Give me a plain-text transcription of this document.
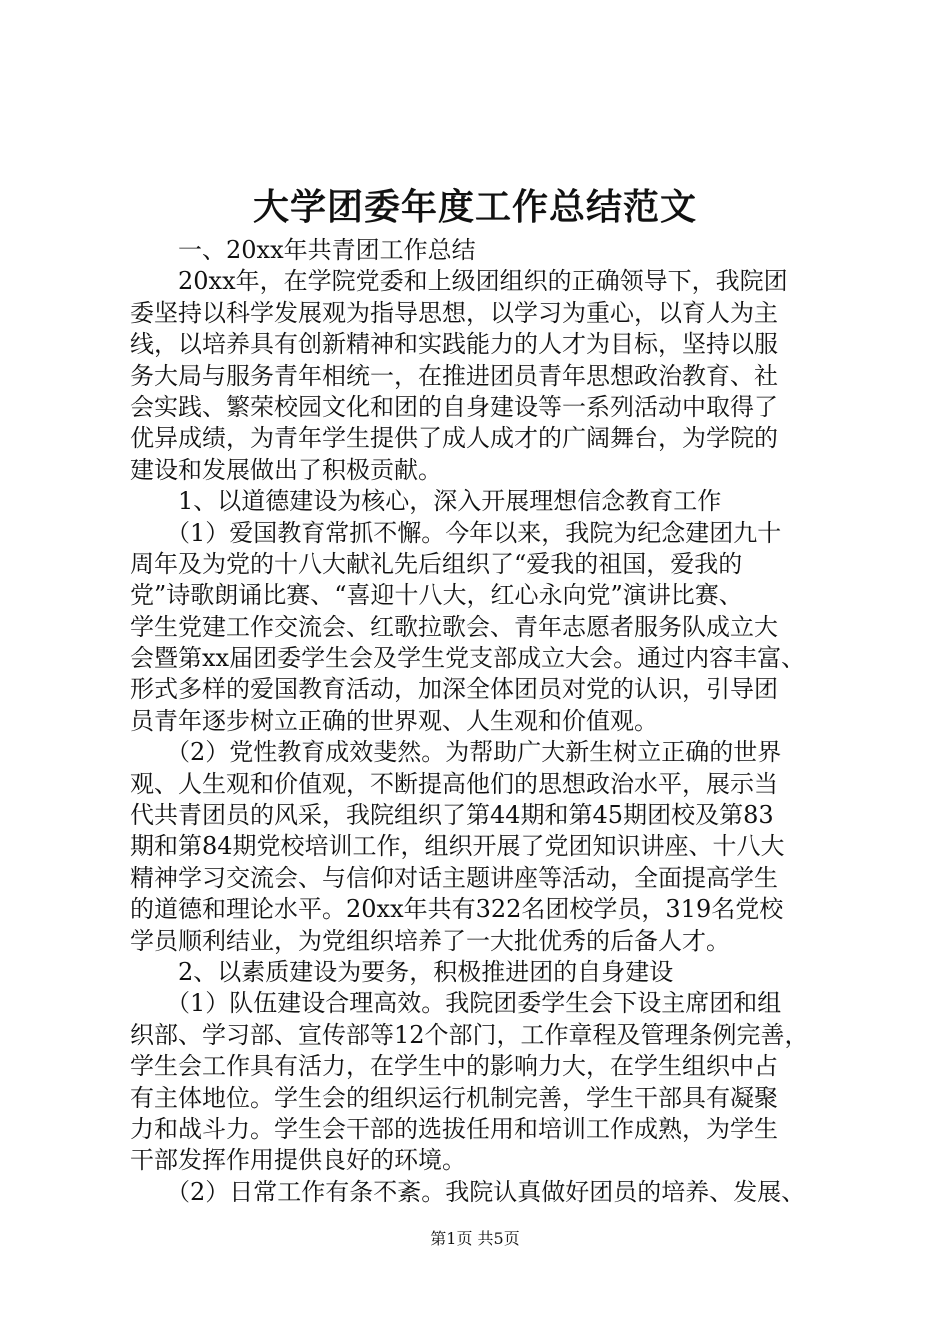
大学团委年度工作总结范文
　　一、20xx年共青团工作总结
　　20xx年，在学院党委和上级团组织的正确领导下，我院团
委坚持以科学发展观为指导思想，以学习为重心，以育人为主
线，以培养具有创新精神和实践能力的人才为目标，坚持以服
务大局与服务青年相统一，在推进团员青年思想政治教育、社
会实践、繁荣校园文化和团的自身建设等一系列活动中取得了
优异成绩，为青年学生提供了成人成才的广阔舞台，为学院的
建设和发展做出了积极贡献。
　　1、以道德建设为核心，深入开展理想信念教育工作
　　（1）爱国教育常抓不懈。今年以来，我院为纪念建团九十
周年及为党的十八大献礼先后组织了“爱我的祖国，爱我的
党”诗歌朗诵比赛、“喜迎十八大，红心永向党”演讲比赛、
学生党建工作交流会、红歌拉歌会、青年志愿者服务队成立大
会暨第xx届团委学生会及学生党支部成立大会。通过内容丰富、
形式多样的爱国教育活动，加深全体团员对党的认识，引导团
员青年逐步树立正确的世界观、人生观和价值观。
　　（2）党性教育成效斐然。为帮助广大新生树立正确的世界
观、人生观和价值观，不断提高他们的思想政治水平，展示当
代共青团员的风采，我院组织了第44期和第45期团校及第83
期和第84期党校培训工作，组织开展了党团知识讲座、十八大
精神学习交流会、与信仰对话主题讲座等活动，全面提高学生
的道德和理论水平。20xx年共有322名团校学员，319名党校
学员顺利结业，为党组织培养了一大批优秀的后备人才。
　　2、以素质建设为要务，积极推进团的自身建设
　　（1）队伍建设合理高效。我院团委学生会下设主席团和组
织部、学习部、宣传部等12个部门，工作章程及管理条例完善，
学生会工作具有活力，在学生中的影响力大，在学生组织中占
有主体地位。学生会的组织运行机制完善，学生干部具有凝聚
力和战斗力。学生会干部的选拔任用和培训工作成熟，为学生
干部发挥作用提供良好的环境。
　　（2）日常工作有条不紊。我院认真做好团员的培养、发展、
第1页 共5页
